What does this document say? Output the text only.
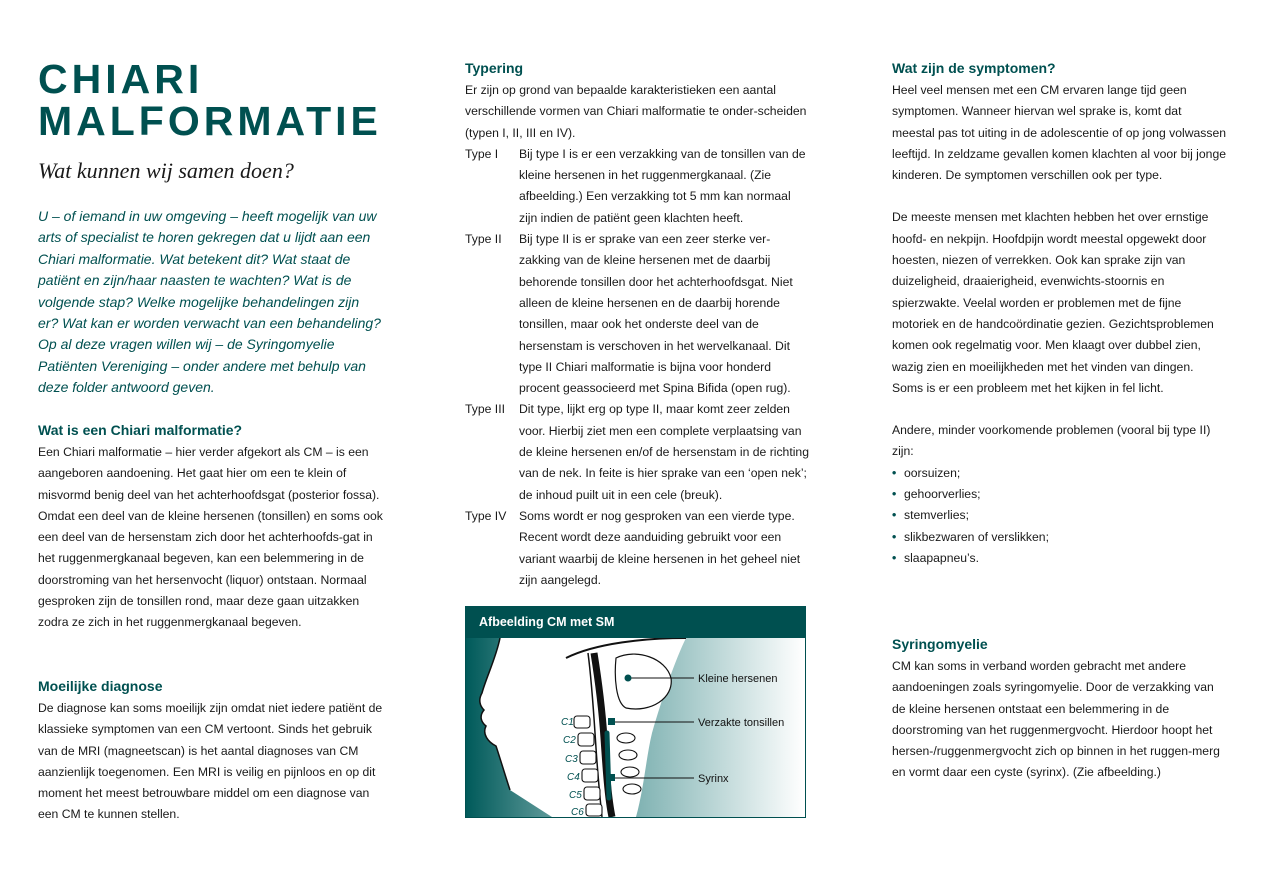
CHIARI
MALFORMATIE
Wat kunnen wij samen doen?
U – of iemand in uw omgeving – heeft mogelijk van uw arts of specialist te horen gekregen dat u lijdt aan een Chiari malformatie. Wat betekent dit? Wat staat de patiënt en zijn/haar naasten te wachten? Wat is de volgende stap? Welke mogelijke behandelingen zijn er? Wat kan er worden verwacht van een behandeling? Op al deze vragen willen wij – de Syringomyelie Patiënten Vereniging – onder andere met behulp van deze folder antwoord geven.
Wat is een Chiari malformatie?

Een Chiari malformatie – hier verder afgekort als CM – is een aangeboren aandoening. Het gaat hier om een te klein of misvormd benig deel van het achterhoofdsgat (posterior fossa).

Omdat een deel van de kleine hersenen (tonsillen) en soms ook een deel van de hersenstam zich door het achterhoofds-gat in het ruggenmergkanaal begeven, kan een belemmering in de doorstroming van het hersenvocht (liquor) ontstaan. Normaal gesproken zijn de tonsillen rond, maar deze gaan uitzakken zodra ze zich in het ruggenmergkanaal begeven.

Moeilijke diagnose

De diagnose kan soms moeilijk zijn omdat niet iedere patiënt de klassieke symptomen van een CM vertoont. Sinds het gebruik van de MRI (magneetscan) is het aantal diagnoses van CM aanzienlijk toegenomen. Een MRI is veilig en pijnloos en op dit moment het meest betrouwbare middel om een diagnose van een CM te kunnen stellen.

Typering

Er zijn op grond van bepaalde karakteristieken een aantal verschillende vormen van Chiari malformatie te onder-scheiden (typen I, II, III en IV).

Type I	Bij type I is er een verzakking van de tonsillen van de kleine hersenen in het ruggenmergkanaal. (Zie afbeelding.) Een verzakking tot 5 mm kan normaal zijn indien de patiënt geen klachten heeft.
Type II	Bij type II is er sprake van een zeer sterke ver-zakking van de kleine hersenen met de daarbij behorende tonsillen door het achterhoofdsgat. Niet alleen de kleine hersenen en de daarbij horende tonsillen, maar ook het onderste deel van de hersenstam is verschoven in het wervelkanaal. Dit type II Chiari malformatie is bijna voor honderd procent geassocieerd met Spina Bifida (open rug).
Type III	Dit type, lijkt erg op type II, maar komt zeer zelden voor. Hierbij ziet men een complete verplaatsing van de kleine hersenen en/of de hersenstam in de richting van de nek. In feite is hier sprake van een ‘open nek’; de inhoud puilt uit in een cele (breuk).
Type IV	Soms wordt er nog gesproken van een vierde type. Recent wordt deze aanduiding gebruikt voor een variant waarbij de kleine hersenen in het geheel niet zijn aangelegd.
Afbeelding CM met SM
Kleine hersenen
Verzakte tonsillen
Syrinx
C1
C2
C3
C4
C5
C6
Wat zijn de symptomen?

Heel veel mensen met een CM ervaren lange tijd geen symptomen. Wanneer hiervan wel sprake is, komt dat meestal pas tot uiting in de adolescentie of op jong volwassen leeftijd. In zeldzame gevallen komen klachten al voor bij jonge kinderen. De symptomen verschillen ook per type.

De meeste mensen met klachten hebben het over ernstige hoofd- en nekpijn. Hoofdpijn wordt meestal opgewekt door hoesten, niezen of verrekken. Ook kan sprake zijn van duizeligheid, draaierigheid, evenwichts-stoornis en spierzwakte. Veelal worden er problemen met de fijne motoriek en de handcoördinatie gezien. Gezichtsproblemen komen ook regelmatig voor. Men klaagt over dubbel zien, wazig zien en moeilijkheden met het vinden van dingen. Soms is er een probleem met het kijken in fel licht.

Andere, minder voorkomende problemen (vooral bij type II) zijn:

• oorsuizen;
• gehoorverlies;
• stemverlies;
• slikbezwaren of verslikken;
• slaapapneu’s.
Syringomyelie

CM kan soms in verband worden gebracht met andere aandoeningen zoals syringomyelie. Door de verzakking van de kleine hersenen ontstaat een belemmering in de doorstroming van het ruggenmergvocht. Hierdoor hoopt het hersen-/ruggenmergvocht zich op binnen in het ruggen-merg en vormt daar een cyste (syrinx). (Zie afbeelding.)
